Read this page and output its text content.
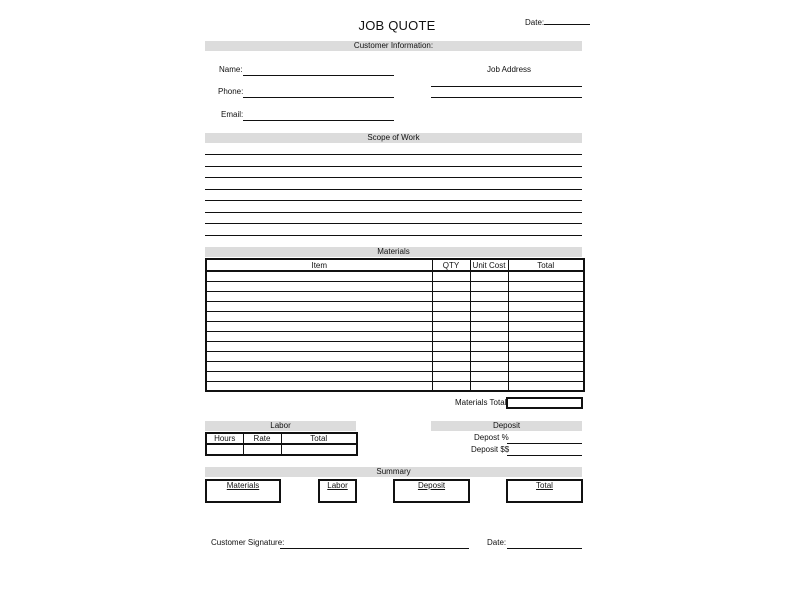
JOB QUOTE	Date:
Customer Information:
Name:
Phone:
Email:
Job Address
Scope of Work
Materials
Item	QTY	Unit Cost	Total

Materials Total
Labor
Hours	Rate	Total

Deposit
Depost %
Deposit $$
Summary
Materials	Labor	Deposit	Total
Customer Signature:	Date:
